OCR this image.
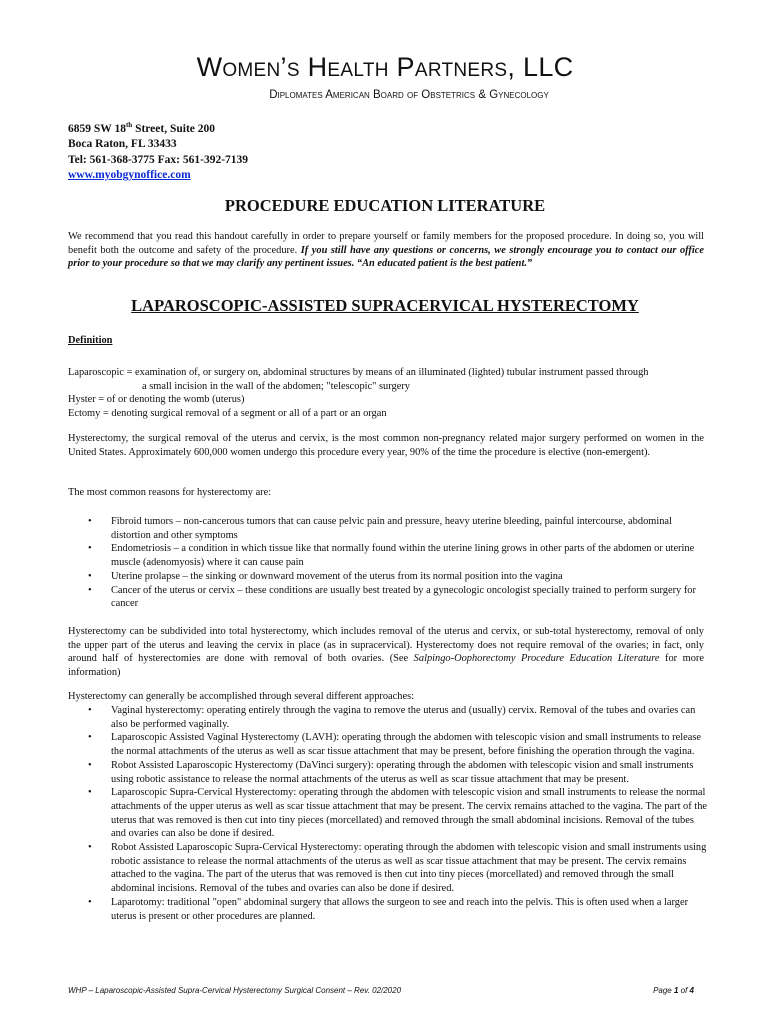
Women’s Health Partners, LLC
Diplomates American Board of Obstetrics & Gynecology
6859 SW 18th Street, Suite 200
Boca Raton, FL 33433
Tel: 561-368-3775 Fax: 561-392-7139
www.myobgynoffice.com
PROCEDURE EDUCATION LITERATURE
We recommend that you read this handout carefully in order to prepare yourself or family members for the proposed procedure. In doing so, you will benefit both the outcome and safety of the procedure. If you still have any questions or concerns, we strongly encourage you to contact our office prior to your procedure so that we may clarify any pertinent issues. “An educated patient is the best patient.”
LAPAROSCOPIC-ASSISTED SUPRACERVICAL HYSTERECTOMY
Definition
Laparoscopic = examination of, or surgery on, abdominal structures by means of an illuminated (lighted) tubular instrument passed through
a small incision in the wall of the abdomen; "telescopic" surgery
Hyster = of or denoting the womb (uterus)
Ectomy = denoting surgical removal of a segment or all of a part or an organ
Hysterectomy, the surgical removal of the uterus and cervix, is the most common non-pregnancy related major surgery performed on women in the United States. Approximately 600,000 women undergo this procedure every year, 90% of the time the procedure is elective (non-emergent).
The most common reasons for hysterectomy are:
• Fibroid tumors – non-cancerous tumors that can cause pelvic pain and pressure, heavy uterine bleeding, painful intercourse, abdominal distortion and other symptoms
• Endometriosis – a condition in which tissue like that normally found within the uterine lining grows in other parts of the abdomen or uterine muscle (adenomyosis) where it can cause pain
• Uterine prolapse – the sinking or downward movement of the uterus from its normal position into the vagina
• Cancer of the uterus or cervix – these conditions are usually best treated by a gynecologic oncologist specially trained to perform surgery for cancer
Hysterectomy can be subdivided into total hysterectomy, which includes removal of the uterus and cervix, or sub-total hysterectomy, removal of only the upper part of the uterus and leaving the cervix in place (as in supracervical). Hysterectomy does not require removal of the ovaries; in fact, only around half of hysterectomies are done with removal of both ovaries. (See Salpingo-Oophorectomy Procedure Education Literature for more information)
Hysterectomy can generally be accomplished through several different approaches:
• Vaginal hysterectomy: operating entirely through the vagina to remove the uterus and (usually) cervix. Removal of the tubes and ovaries can also be performed vaginally.
• Laparoscopic Assisted Vaginal Hysterectomy (LAVH): operating through the abdomen with telescopic vision and small instruments to release the normal attachments of the uterus as well as scar tissue attachment that may be present, before finishing the operation through the vagina.
• Robot Assisted Laparoscopic Hysterectomy (DaVinci surgery): operating through the abdomen with telescopic vision and small instruments using robotic assistance to release the normal attachments of the uterus as well as scar tissue attachment that may be present.
• Laparoscopic Supra-Cervical Hysterectomy: operating through the abdomen with telescopic vision and small instruments to release the normal attachments of the upper uterus as well as scar tissue attachment that may be present. The cervix remains attached to the vagina. The part of the uterus that was removed is then cut into tiny pieces (morcellated) and removed through the small abdominal incisions. Removal of the tubes and ovaries can also be done if desired.
• Robot Assisted Laparoscopic Supra-Cervical Hysterectomy: operating through the abdomen with telescopic vision and small instruments using robotic assistance to release the normal attachments of the uterus as well as scar tissue attachment that may be present. The cervix remains attached to the vagina. The part of the uterus that was removed is then cut into tiny pieces (morcellated) and removed through the small abdominal incisions. Removal of the tubes and ovaries can also be done if desired.
• Laparotomy: traditional "open" abdominal surgery that allows the surgeon to see and reach into the pelvis. This is often used when a larger uterus is present or other procedures are planned.
WHP – Laparoscopic-Assisted Supra-Cervical Hysterectomy Surgical Consent – Rev. 02/2020	Page 1 of 4
